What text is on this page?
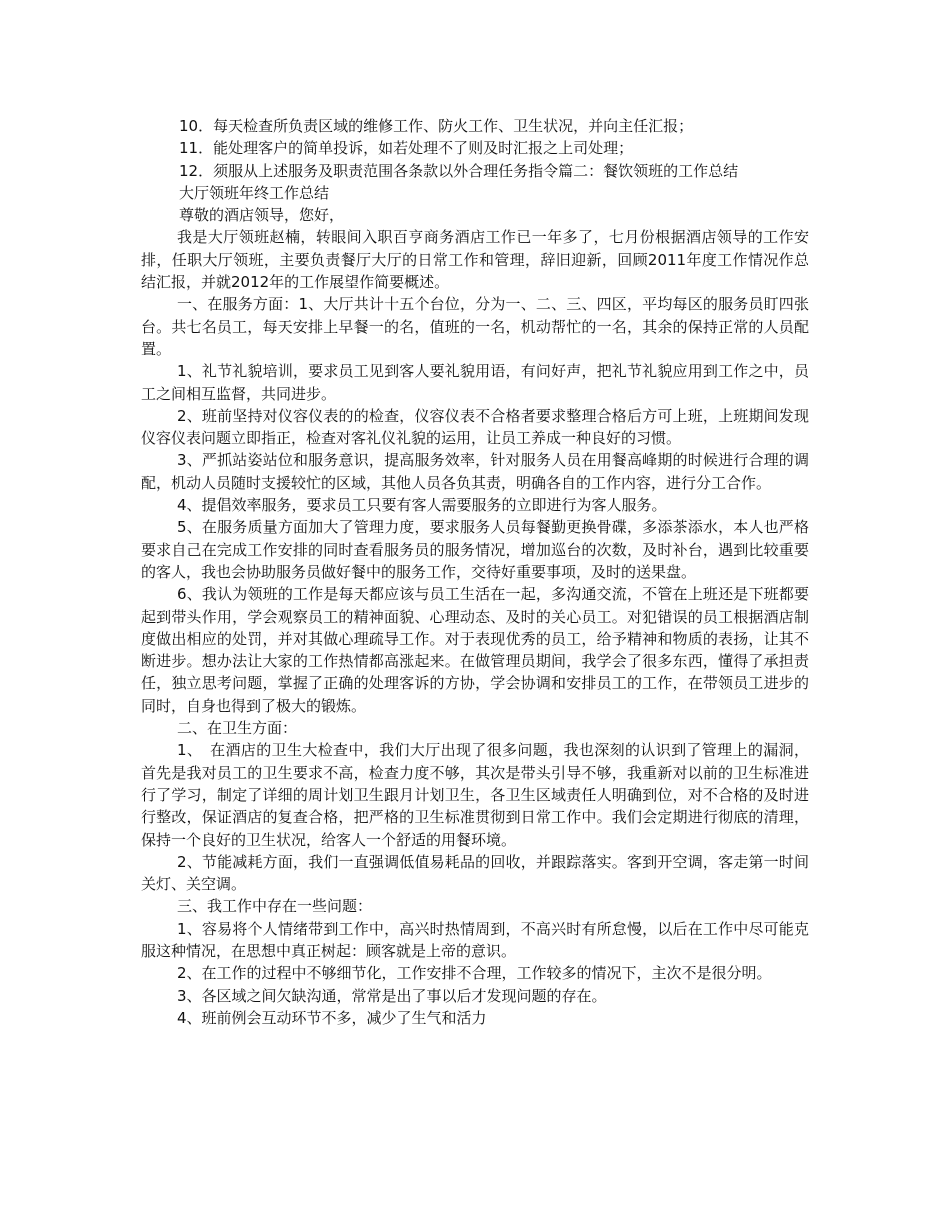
10．每天检查所负责区域的维修工作、防火工作、卫生状况，并向主任汇报；

11．能处理客户的简单投诉，如若处理不了则及时汇报之上司处理；

12．须服从上述服务及职责范围各条款以外合理任务指令篇二：餐饮领班的工作总结

大厅领班年终工作总结

尊敬的酒店领导，您好，

我是大厅领班赵楠，转眼间入职百亨商务酒店工作已一年多了，七月份根据酒店领导的工作安排，任职大厅领班，主要负责餐厅大厅的日常工作和管理，辞旧迎新，回顾2011年度工作情况作总结汇报，并就2012年的工作展望作简要概述。

一、在服务方面：1、大厅共计十五个台位，分为一、二、三、四区，平均每区的服务员盯四张台。共七名员工，每天安排上早餐一的名，值班的一名，机动帮忙的一名，其余的保持正常的人员配置。

1、礼节礼貌培训，要求员工见到客人要礼貌用语，有问好声，把礼节礼貌应用到工作之中，员工之间相互监督，共同进步。

2、班前坚持对仪容仪表的的检查，仪容仪表不合格者要求整理合格后方可上班，上班期间发现仪容仪表问题立即指正，检查对客礼仪礼貌的运用，让员工养成一种良好的习惯。

3、严抓站姿站位和服务意识，提高服务效率，针对服务人员在用餐高峰期的时候进行合理的调配，机动人员随时支援较忙的区域，其他人员各负其责，明确各自的工作内容，进行分工合作。

4、提倡效率服务，要求员工只要有客人需要服务的立即进行为客人服务。

5、在服务质量方面加大了管理力度，要求服务人员每餐勤更换骨碟，多添茶添水，本人也严格要求自己在完成工作安排的同时查看服务员的服务情况，增加巡台的次数，及时补台，遇到比较重要的客人，我也会协助服务员做好餐中的服务工作，交待好重要事项，及时的送果盘。

6、我认为领班的工作是每天都应该与员工生活在一起，多沟通交流，不管在上班还是下班都要起到带头作用，学会观察员工的精神面貌、心理动态、及时的关心员工。对犯错误的员工根据酒店制度做出相应的处罚，并对其做心理疏导工作。对于表现优秀的员工，给予精神和物质的表扬，让其不断进步。想办法让大家的工作热情都高涨起来。在做管理员期间，我学会了很多东西，懂得了承担责任，独立思考问题，掌握了正确的处理客诉的方协，学会协调和安排员工的工作，在带领员工进步的同时，自身也得到了极大的锻炼。

二、在卫生方面：

1、　在酒店的卫生大检查中，我们大厅出现了很多问题，我也深刻的认识到了管理上的漏洞，首先是我对员工的卫生要求不高，检查力度不够，其次是带头引导不够，我重新对以前的卫生标准进行了学习，制定了详细的周计划卫生跟月计划卫生，各卫生区域责任人明确到位，对不合格的及时进行整改，保证酒店的复查合格，把严格的卫生标准贯彻到日常工作中。我们会定期进行彻底的清理，保持一个良好的卫生状况，给客人一个舒适的用餐环境。

2、节能减耗方面，我们一直强调低值易耗品的回收，并跟踪落实。客到开空调，客走第一时间关灯、关空调。

三、我工作中存在一些问题：

1、容易将个人情绪带到工作中，高兴时热情周到，不高兴时有所怠慢，以后在工作中尽可能克服这种情况，在思想中真正树起：顾客就是上帝的意识。

2、在工作的过程中不够细节化，工作安排不合理，工作较多的情况下，主次不是很分明。

3、各区域之间欠缺沟通，常常是出了事以后才发现问题的存在。

4、班前例会互动环节不多，减少了生气和活力
